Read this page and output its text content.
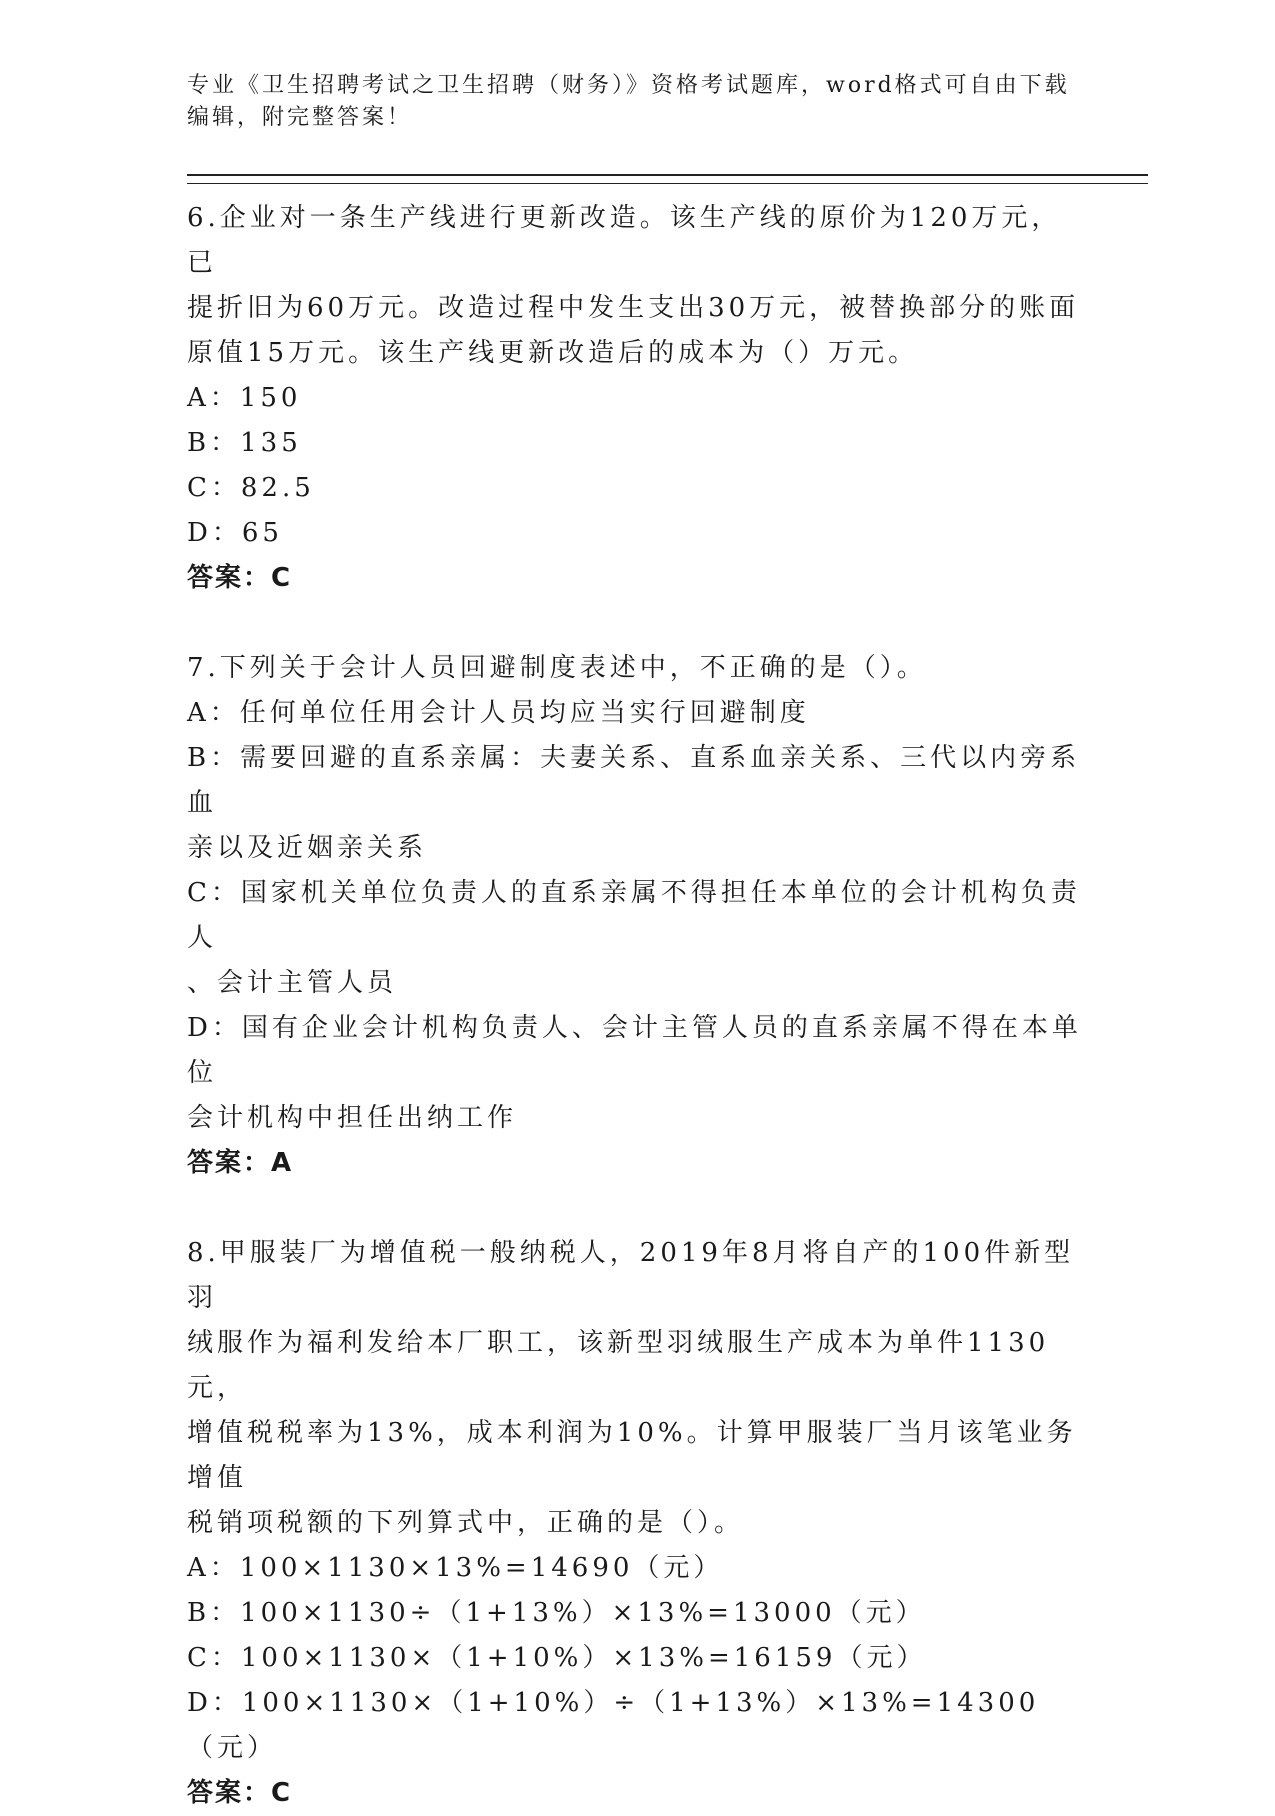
专业《卫生招聘考试之卫生招聘（财务）》资格考试题库，word格式可自由下载

编辑，附完整答案！

6.企业对一条生产线进行更新改造。该生产线的原价为120万元，已

提折旧为60万元。改造过程中发生支出30万元，被替换部分的账面

原值15万元。该生产线更新改造后的成本为（）万元。

A：150

B：135

C：82.5

D：65

答案：C

7.下列关于会计人员回避制度表述中，不正确的是（）。

A：任何单位任用会计人员均应当实行回避制度

B：需要回避的直系亲属：夫妻关系、直系血亲关系、三代以内旁系血

亲以及近姻亲关系

C：国家机关单位负责人的直系亲属不得担任本单位的会计机构负责人

、会计主管人员

D：国有企业会计机构负责人、会计主管人员的直系亲属不得在本单位

会计机构中担任出纳工作

答案：A

8.甲服装厂为增值税一般纳税人，2019年8月将自产的100件新型羽

绒服作为福利发给本厂职工，该新型羽绒服生产成本为单件1130元，

增值税税率为13%，成本利润为10%。计算甲服装厂当月该笔业务增值

税销项税额的下列算式中，正确的是（）。

A：100×1130×13%=14690（元）

B：100×1130÷（1+13%）×13%=13000（元）

C：100×1130×（1+10%）×13%=16159（元）

D：100×1130×（1+10%）÷（1+13%）×13%=14300（元）

答案：C
